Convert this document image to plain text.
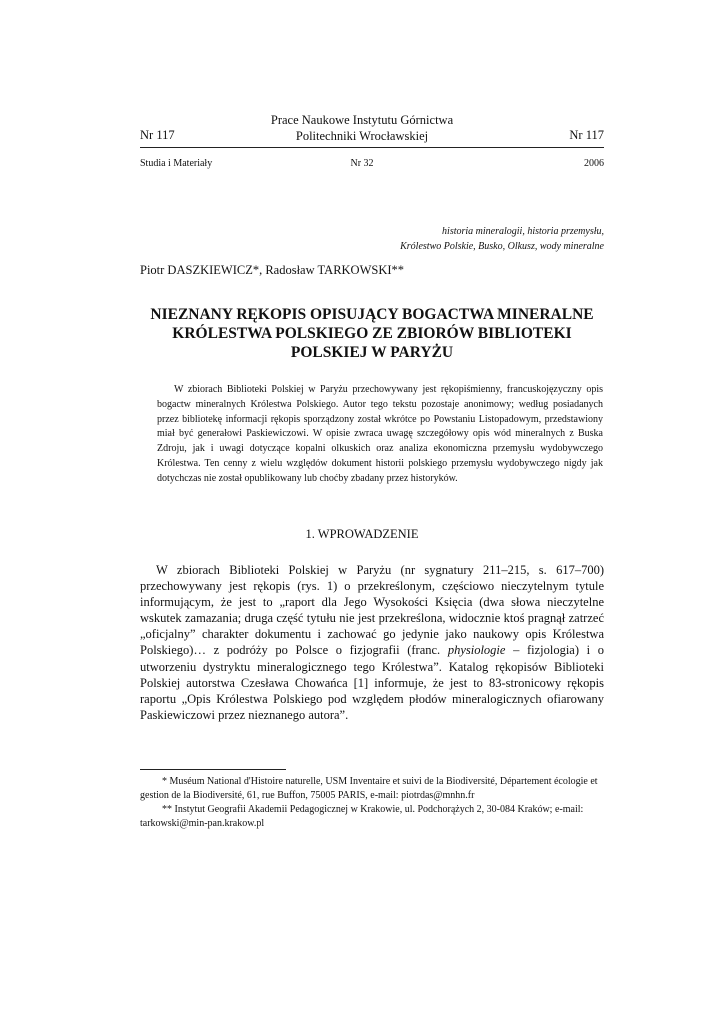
Prace Naukowe Instytutu Górnictwa
Politechniki Wrocławskiej
Nr 117	Nr 117
Studia i Materiały	Nr 32	2006
historia mineralogii, historia przemysłu,
Królestwo Polskie, Busko, Olkusz, wody mineralne
Piotr DASZKIEWICZ*, Radosław TARKOWSKI**
NIEZNANY RĘKOPIS OPISUJĄCY BOGACTWA MINERALNE
KRÓLESTWA POLSKIEGO ZE ZBIORÓW BIBLIOTEKI
POLSKIEJ W PARYŻU
W zbiorach Biblioteki Polskiej w Paryżu przechowywany jest rękopiśmienny, francuskojęzyczny opis bogactw mineralnych Królestwa Polskiego. Autor tego tekstu pozostaje anonimowy; według posiadanych przez bibliotekę informacji rękopis sporządzony został wkrótce po Powstaniu Listopadowym, przedstawiony miał być generałowi Paskiewiczowi. W opisie zwraca uwagę szczegółowy opis wód mineralnych z Buska Zdroju, jak i uwagi dotyczące kopalni olkuskich oraz analiza ekonomiczna przemysłu wydobywczego Królestwa. Ten cenny z wielu względów dokument historii polskiego przemysłu wydobywczego nigdy jak dotychczas nie został opublikowany lub choćby zbadany przez historyków.
1. WPROWADZENIE
W zbiorach Biblioteki Polskiej w Paryżu (nr sygnatury 211–215, s. 617–700) przechowywany jest rękopis (rys. 1) o przekreślonym, częściowo nieczytelnym tytule informującym, że jest to „raport dla Jego Wysokości Księcia (dwa słowa nieczytelne wskutek zamazania; druga część tytułu nie jest przekreślona, widocznie ktoś pragnął zatrzeć „oficjalny” charakter dokumentu i zachować go jedynie jako naukowy opis Królestwa Polskiego)… z podróży po Polsce o fizjografii (franc. physiologie – fizjologia) i o utworzeniu dystryktu mineralogicznego tego Królestwa”. Katalog rękopisów Biblioteki Polskiej autorstwa Czesława Chowańca [1] informuje, że jest to 83-stronicowy rękopis raportu „Opis Królestwa Polskiego pod względem płodów mineralogicznych ofiarowany Paskiewiczowi przez nieznanego autora”.

* Muséum National d'Histoire naturelle, USM Inventaire et suivi de la Biodiversité, Département écologie et gestion de la Biodiversité, 61, rue Buffon, 75005 PARIS, e-mail: piotrdas@mnhn.fr

** Instytut Geografii Akademii Pedagogicznej w Krakowie, ul. Podchorążych 2, 30-084 Kraków; e-mail: tarkowski@min-pan.krakow.pl
